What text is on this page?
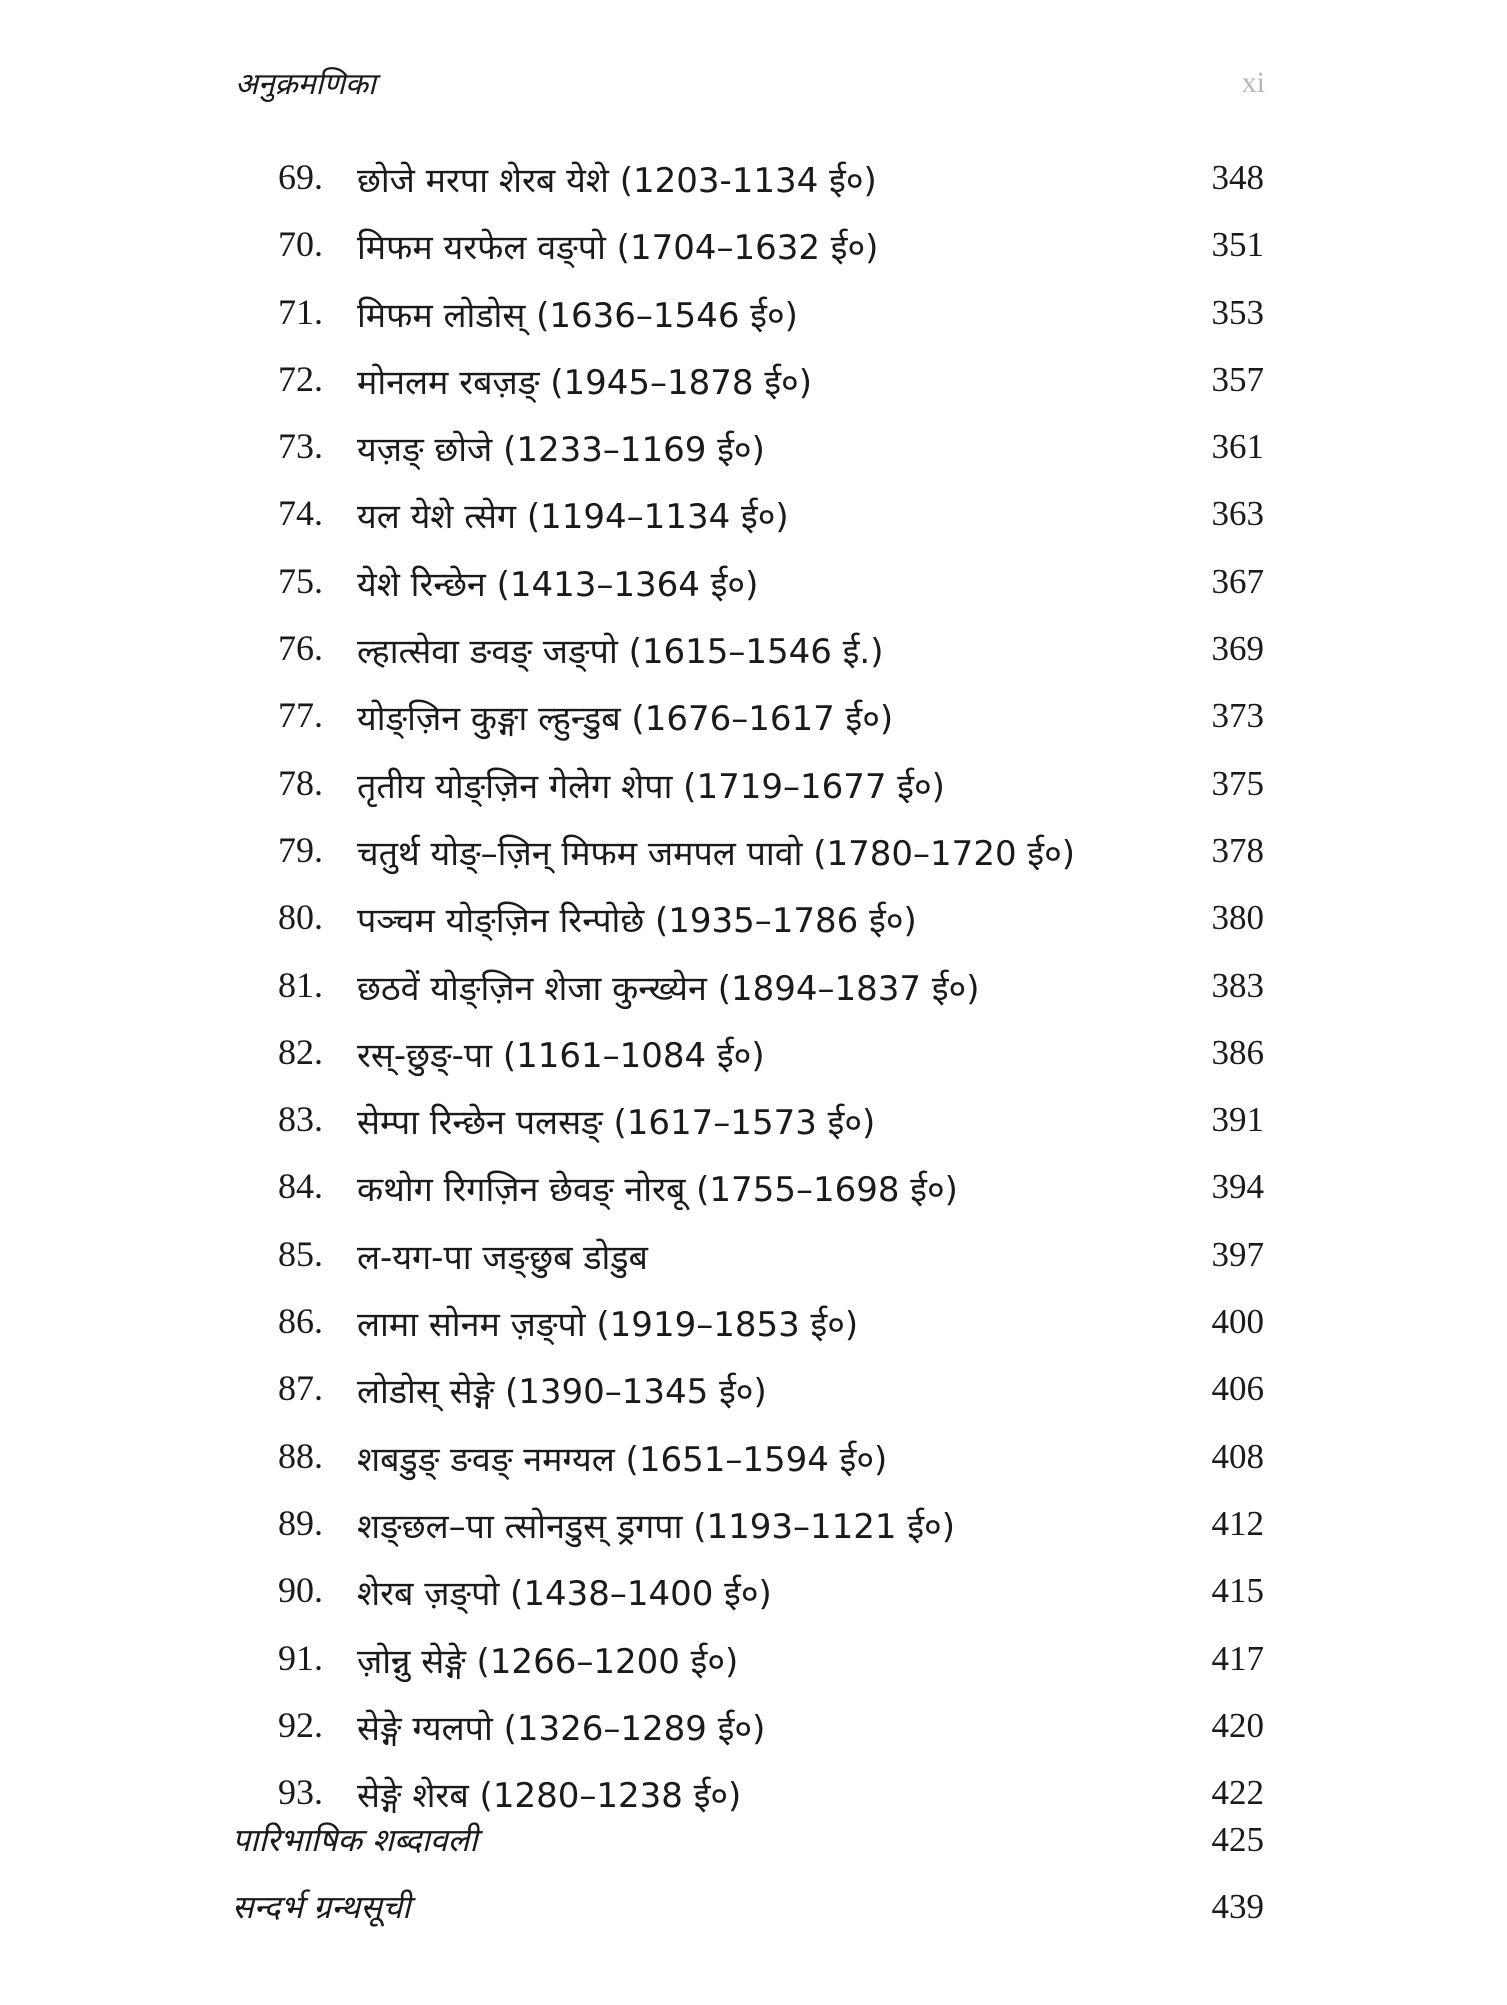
अनुक्रमणिका	xi
69. छोजे मरपा शेरब येशे (1203-1134 ई०)	348
70. मिफम यरफेल वङ्पो (1704–1632 ई०)	351
71. मिफम लोडोस् (1636–1546 ई०)	353
72. मोनलम रबज़ङ् (1945–1878 ई०)	357
73. यज़ङ् छोजे (1233–1169 ई०)	361
74. यल येशे त्सेग (1194–1134 ई०)	363
75. येशे रिन्छेन (1413–1364 ई०)	367
76. ल्हात्सेवा ङवङ् जङ्पो (1615–1546 ई.)	369
77. योङ्ज़िन कुङ्गा ल्हुन्डुब (1676–1617 ई०)	373
78. तृतीय योङ्ज़िन गेलेग शेपा (1719–1677 ई०)	375
79. चतुर्थ योङ्–ज़िन् मिफम जमपल पावो (1780–1720 ई०)	378
80. पञ्चम योङ्ज़िन रिन्पोछे (1935–1786 ई०)	380
81. छठवें योङ्ज़िन शेजा कुन्ख्येन (1894–1837 ई०)	383
82. रस्-छुङ्-पा (1161–1084 ई०)	386
83. सेम्पा रिन्छेन पलसङ् (1617–1573 ई०)	391
84. कथोग रिगज़िन छेवङ् नोरबू (1755–1698 ई०)	394
85. ल-यग-पा जङ्छुब डोडुब	397
86. लामा सोनम ज़ङ्पो (1919–1853 ई०)	400
87. लोडोस् सेङ्गे (1390–1345 ई०)	406
88. शबडुङ् ङवङ् नमग्यल (1651–1594 ई०)	408
89. शङ्छल–पा त्सोनडुस् ड्रगपा (1193–1121 ई०)	412
90. शेरब ज़ङ्पो (1438–1400 ई०)	415
91. ज़ोन्नु सेङ्गे (1266–1200 ई०)	417
92. सेङ्गे ग्यलपो (1326–1289 ई०)	420
93. सेङ्गे शेरब (1280–1238 ई०)	422
पारिभाषिक शब्दावली	425
सन्दर्भ ग्रन्थसूची	439
